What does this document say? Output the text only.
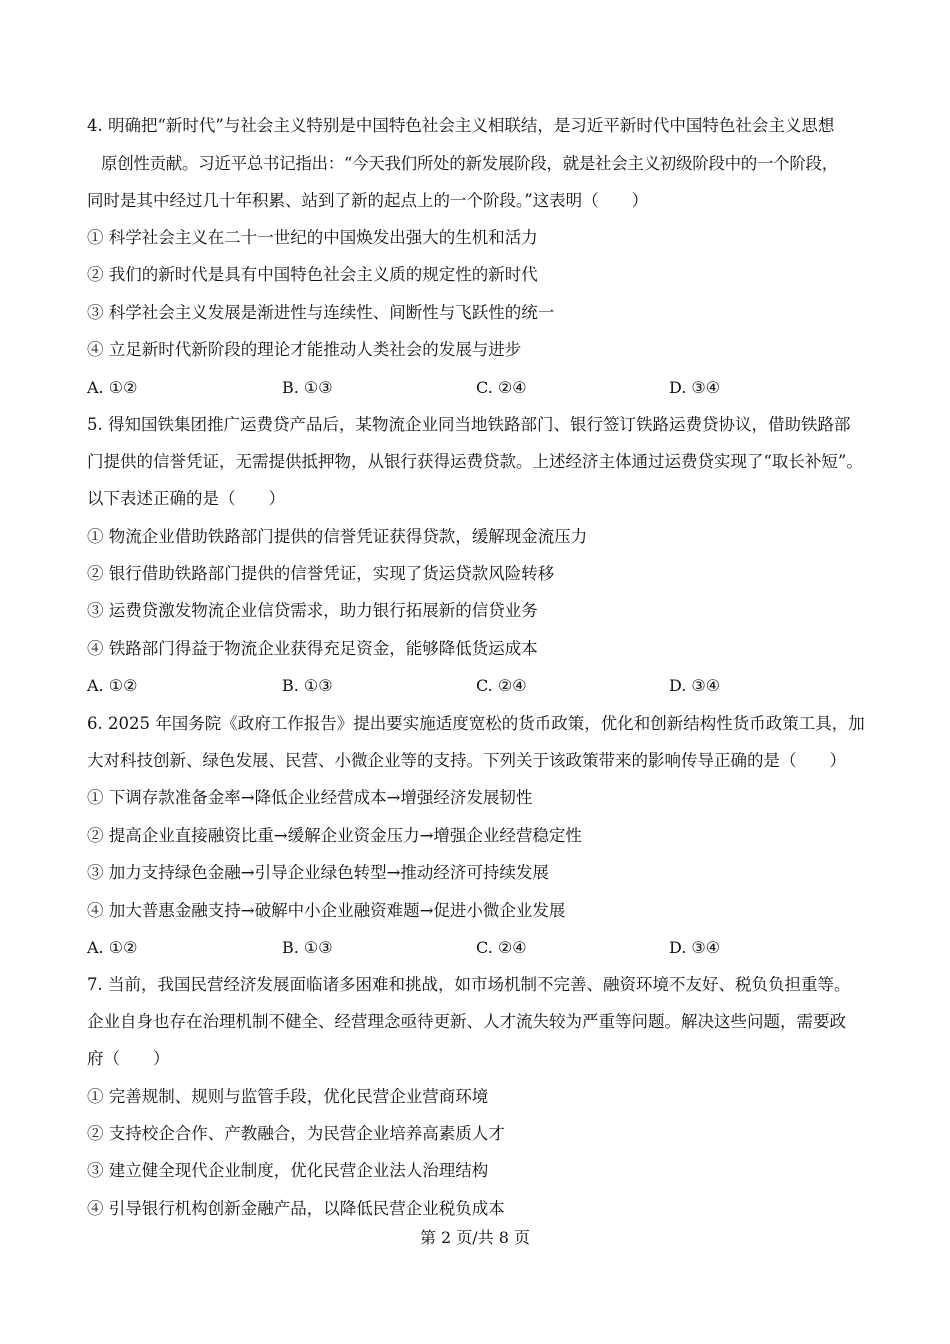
4. 明确把“新时代”与社会主义特别是中国特色社会主义相联结，是习近平新时代中国特色社会主义思想
原创性贡献。习近平总书记指出：“今天我们所处的新发展阶段，就是社会主义初级阶段中的一个阶段，
同时是其中经过几十年积累、站到了新的起点上的一个阶段。”这表明（　　）
① 科学社会主义在二十一世纪的中国焕发出强大的生机和活力
② 我们的新时代是具有中国特色社会主义质的规定性的新时代
③ 科学社会主义发展是渐进性与连续性、间断性与飞跃性的统一
④ 立足新时代新阶段的理论才能推动人类社会的发展与进步
A. ①②	B. ①③	C. ②④	D. ③④
5. 得知国铁集团推广运费贷产品后，某物流企业同当地铁路部门、银行签订铁路运费贷协议，借助铁路部
门提供的信誉凭证，无需提供抵押物，从银行获得运费贷款。上述经济主体通过运费贷实现了“取长补短”。
以下表述正确的是（　　）
① 物流企业借助铁路部门提供的信誉凭证获得贷款，缓解现金流压力
② 银行借助铁路部门提供的信誉凭证，实现了货运贷款风险转移
③ 运费贷激发物流企业信贷需求，助力银行拓展新的信贷业务
④ 铁路部门得益于物流企业获得充足资金，能够降低货运成本
A. ①②	B. ①③	C. ②④	D. ③④
6. 2025 年国务院《政府工作报告》提出要实施适度宽松的货币政策，优化和创新结构性货币政策工具，加
大对科技创新、绿色发展、民营、小微企业等的支持。下列关于该政策带来的影响传导正确的是（　　）
① 下调存款准备金率→降低企业经营成本→增强经济发展韧性
② 提高企业直接融资比重→缓解企业资金压力→增强企业经营稳定性
③ 加力支持绿色金融→引导企业绿色转型→推动经济可持续发展
④ 加大普惠金融支持→破解中小企业融资难题→促进小微企业发展
A. ①②	B. ①③	C. ②④	D. ③④
7. 当前，我国民营经济发展面临诸多困难和挑战，如市场机制不完善、融资环境不友好、税负负担重等。
企业自身也存在治理机制不健全、经营理念亟待更新、人才流失较为严重等问题。解决这些问题，需要政
府（　　）
① 完善规制、规则与监管手段，优化民营企业营商环境
② 支持校企合作、产教融合，为民营企业培养高素质人才
③ 建立健全现代企业制度，优化民营企业法人治理结构
④ 引导银行机构创新金融产品，以降低民营企业税负成本
第 2 页/共 8 页
